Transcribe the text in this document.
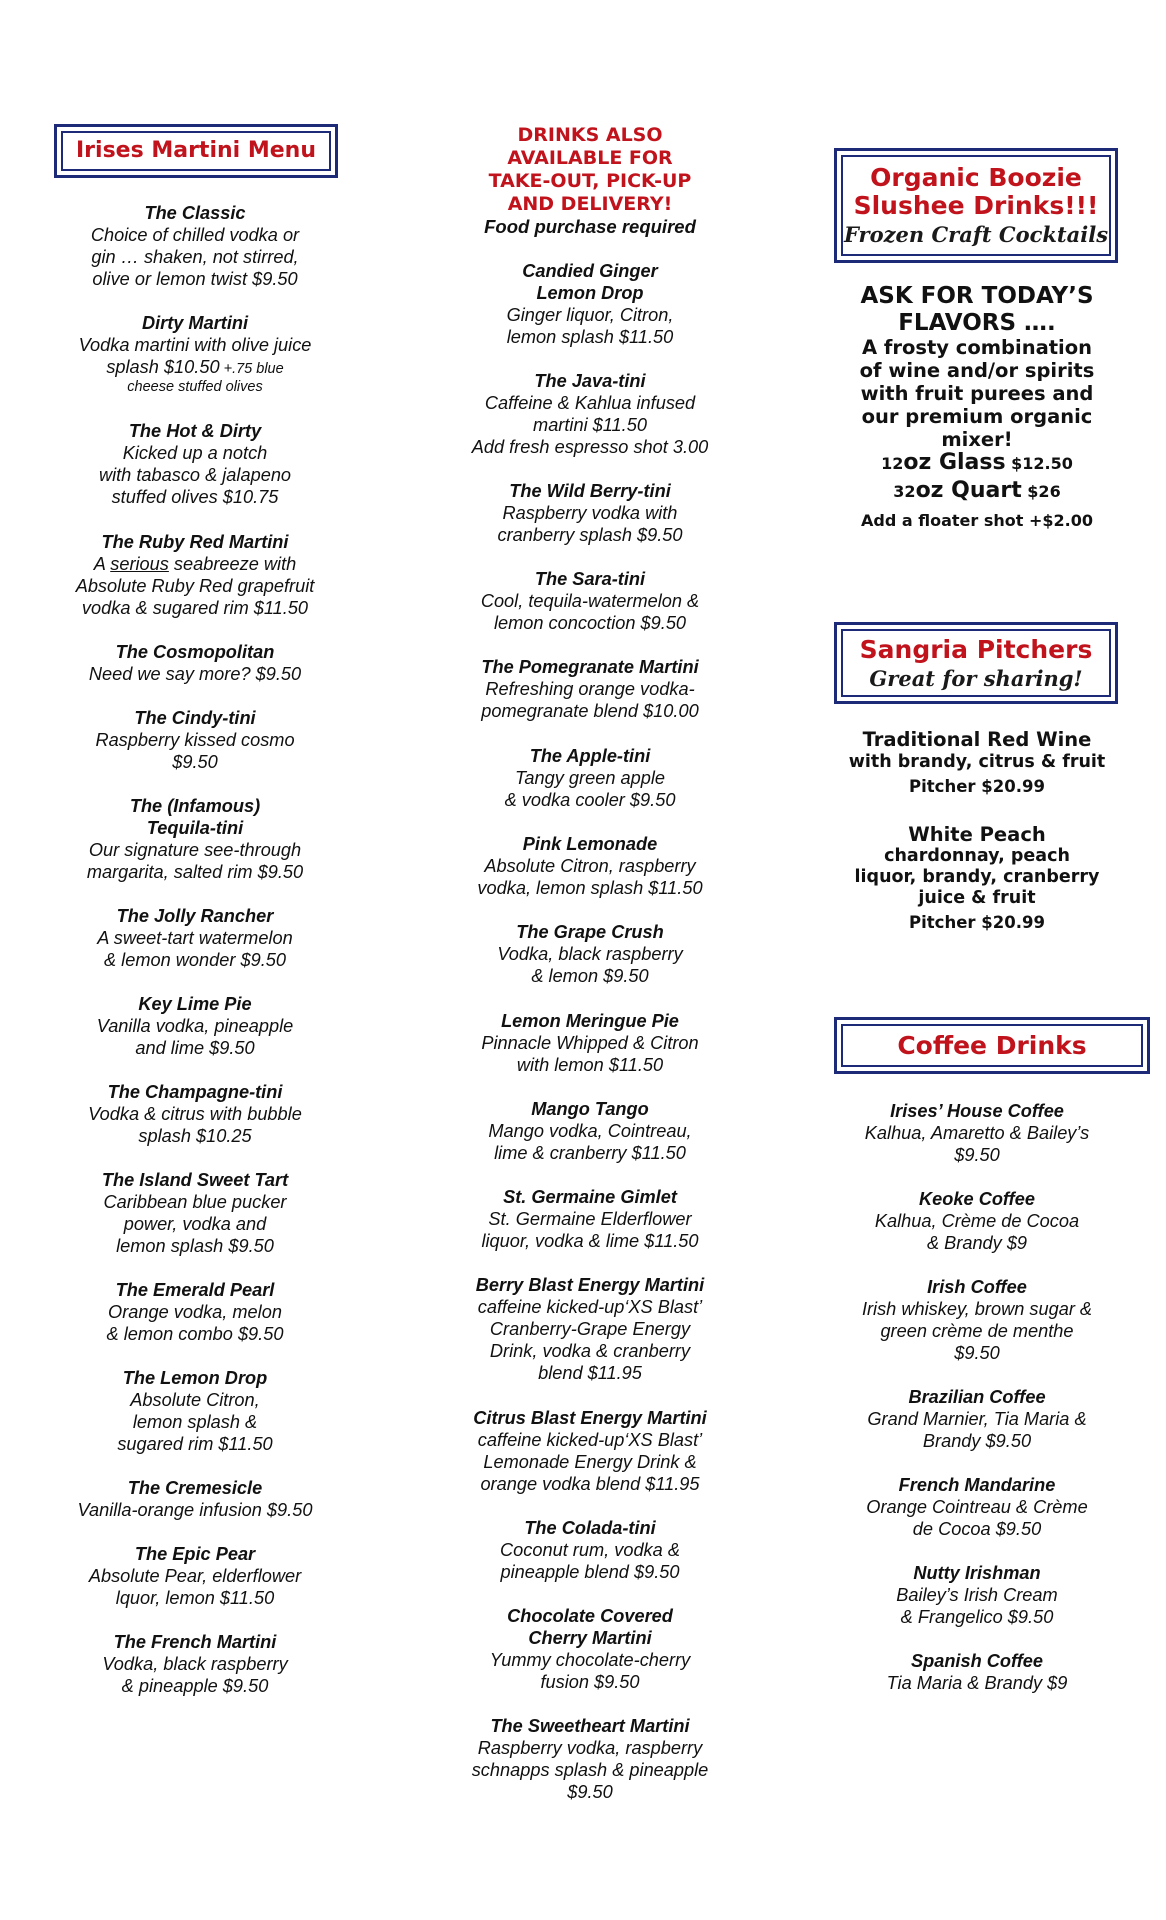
Irises Martini Menu
The Classic
Choice of chilled vodka or
gin … shaken, not stirred,
olive or lemon twist $9.50
Dirty Martini
Vodka martini with olive juice
splash $10.50 +.75 blue
cheese stuffed olives
The Hot & Dirty
Kicked up a notch
with tabasco & jalapeno
stuffed olives $10.75
The Ruby Red Martini
A serious seabreeze with
Absolute Ruby Red grapefruit
vodka & sugared rim $11.50
The Cosmopolitan
Need we say more? $9.50
The Cindy-tini
Raspberry kissed cosmo
$9.50
The (Infamous)
Tequila-tini
Our signature see-through
margarita, salted rim $9.50
The Jolly Rancher
A sweet-tart watermelon
& lemon wonder $9.50
Key Lime Pie
Vanilla vodka, pineapple
and lime $9.50
The Champagne-tini
Vodka & citrus with bubble
splash $10.25
The Island Sweet Tart
Caribbean blue pucker
power, vodka and
lemon splash $9.50
The Emerald Pearl
Orange vodka, melon
& lemon combo $9.50
The Lemon Drop
Absolute Citron,
lemon splash &
sugared rim $11.50
The Cremesicle
Vanilla-orange infusion $9.50
The Epic Pear
Absolute Pear, elderflower
lquor, lemon $11.50
The French Martini
Vodka, black raspberry
& pineapple $9.50
DRINKS ALSO
AVAILABLE FOR
TAKE-OUT, PICK-UP
AND DELIVERY!
Food purchase required
Candied Ginger
Lemon Drop
Ginger liquor, Citron,
lemon splash $11.50
The Java-tini
Caffeine & Kahlua infused
martini $11.50
Add fresh espresso shot 3.00
The Wild Berry-tini
Raspberry vodka with
cranberry splash $9.50
The Sara-tini
Cool, tequila-watermelon &
lemon concoction $9.50
The Pomegranate Martini
Refreshing orange vodka-
pomegranate blend $10.00
The Apple-tini
Tangy green apple
& vodka cooler $9.50
Pink Lemonade
Absolute Citron, raspberry
vodka, lemon splash $11.50
The Grape Crush
Vodka, black raspberry
& lemon $9.50
Lemon Meringue Pie
Pinnacle Whipped & Citron
with lemon $11.50
Mango Tango
Mango vodka, Cointreau,
lime & cranberry $11.50
St. Germaine Gimlet
St. Germaine Elderflower
liquor, vodka & lime $11.50
Berry Blast Energy Martini
caffeine kicked-up‘XS Blast’
Cranberry-Grape Energy
Drink, vodka & cranberry
blend $11.95
Citrus Blast Energy Martini
caffeine kicked-up‘XS Blast’
Lemonade Energy Drink &
orange vodka blend $11.95
The Colada-tini
Coconut rum, vodka &
pineapple blend $9.50
Chocolate Covered
Cherry Martini
Yummy chocolate-cherry
fusion $9.50
The Sweetheart Martini
Raspberry vodka, raspberry
schnapps splash & pineapple
$9.50
Organic Boozie
Slushee Drinks!!!
Frozen Craft Cocktails
ASK FOR TODAY’S
FLAVORS ….
A frosty combination
of wine and/or spirits
with fruit purees and
our premium organic
mixer!
12oz Glass $12.50
32oz Quart $26
Add a floater shot +$2.00
Sangria Pitchers
Great for sharing!
Traditional Red Wine
with brandy, citrus & fruit
Pitcher $20.99
White Peach
chardonnay, peach
liquor, brandy, cranberry
juice & fruit
Pitcher $20.99
Coffee Drinks
Irises’ House Coffee
Kalhua, Amaretto & Bailey’s
$9.50
Keoke Coffee
Kalhua, Crème de Cocoa
& Brandy $9
Irish Coffee
Irish whiskey, brown sugar &
green crème de menthe
$9.50
Brazilian Coffee
Grand Marnier, Tia Maria &
Brandy $9.50
French Mandarine
Orange Cointreau & Crème
de Cocoa $9.50
Nutty Irishman
Bailey’s Irish Cream
& Frangelico $9.50
Spanish Coffee
Tia Maria & Brandy $9
